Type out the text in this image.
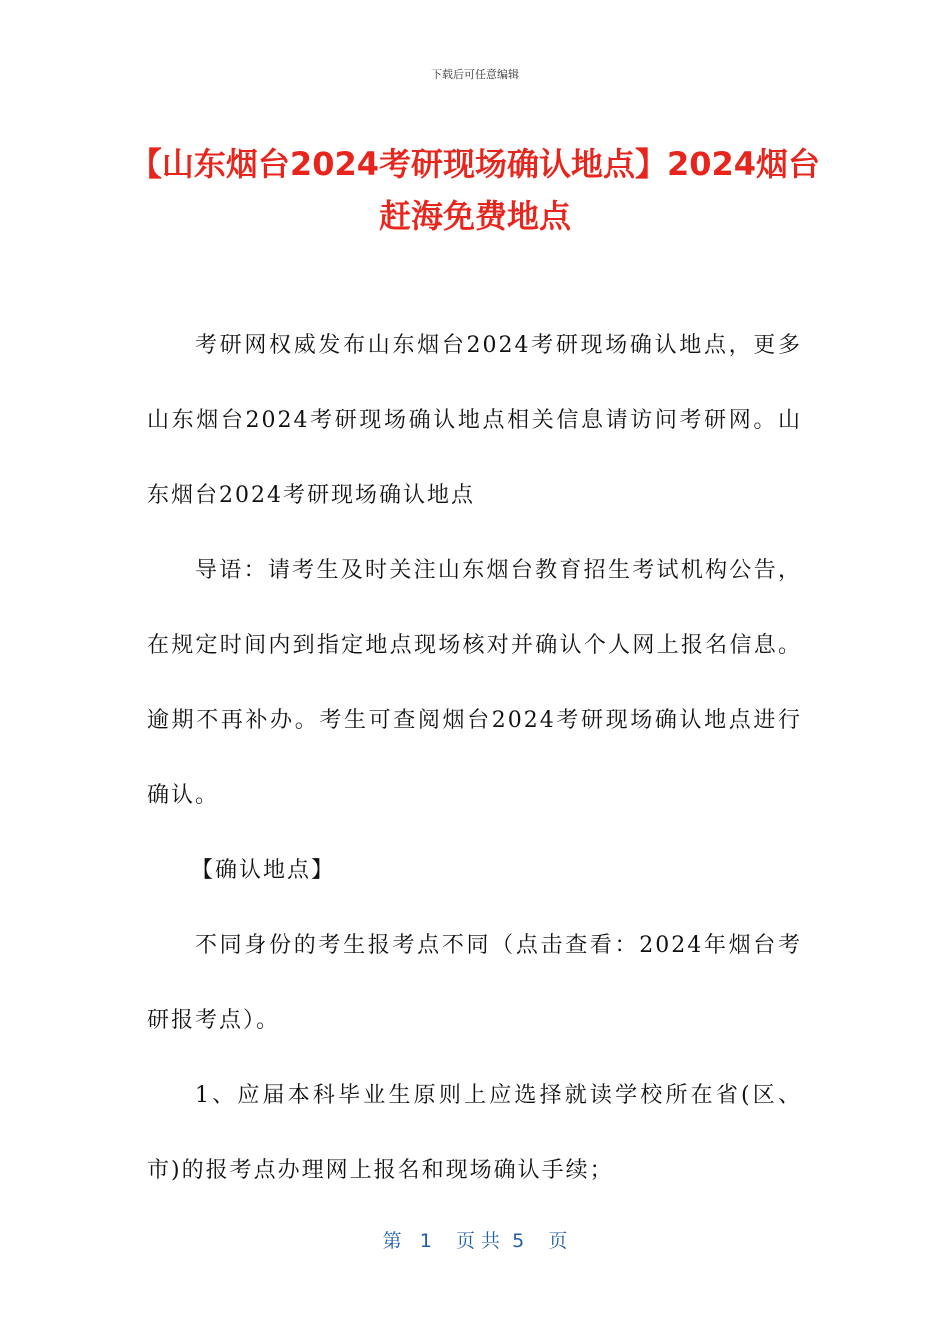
下载后可任意编辑
【山东烟台2024考研现场确认地点】2024烟台赶海免费地点

考研网权威发布山东烟台2024考研现场确认地点，更多山东烟台2024考研现场确认地点相关信息请访问考研网。山东烟台2024考研现场确认地点

导语：请考生及时关注山东烟台教育招生考试机构公告，在规定时间内到指定地点现场核对并确认个人网上报名信息。逾期不再补办。考生可查阅烟台2024考研现场确认地点进行确认。

【确认地点】

不同身份的考生报考点不同（点击查看：2024年烟台考研报考点）。

1、应届本科毕业生原则上应选择就读学校所在省(区、市)的报考点办理网上报名和现场确认手续；

第   1    页 共  5    页
